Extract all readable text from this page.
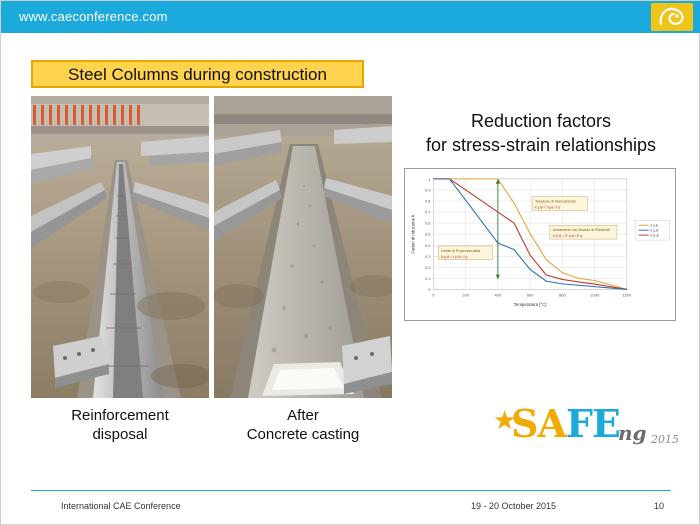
www.caeconference.com
Steel Columns during construction
Reinforcement
disposal
After
Concrete casting
Reduction factors
for stress-strain relationships
1
0.9
0.8
0.7
0.6
0.5
0.4
0.3
0.2
0.1
0
0	200	400	600	800	1000	1200
Temperatura [°C]
Fattori di riduzione k
Tensione di Snervamento
k y,θ = f y,θ / f y
Limite di Proporzionalità
k p,θ = f p,θ / f y
Andamento del Modulo di Elasticità
k E,θ = E a,θ / E a
k y,θ
k p,θ
k E,θ
★
SAFE
ng 2015
International CAE Conference	19 - 20 October 2015	10
